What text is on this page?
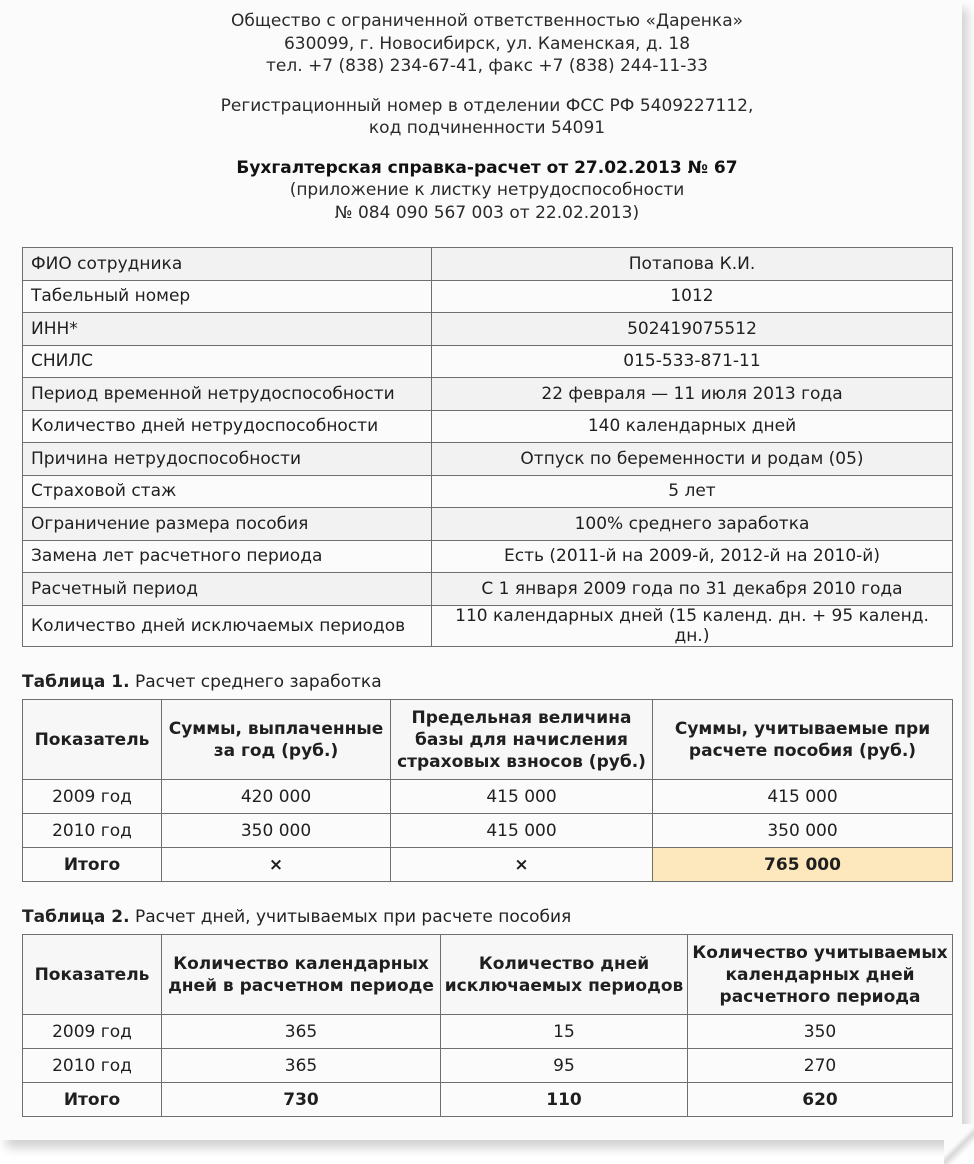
Общество с ограниченной ответственностью «Даренка»
630099, г. Новосибирск, ул. Каменская, д. 18
тел. +7 (838) 234-67-41, факс +7 (838) 244-11-33
Регистрационный номер в отделении ФСС РФ 5409227112,
код подчиненности 54091
Бухгалтерская справка-расчет от 27.02.2013 № 67
(приложение к листку нетрудоспособности
№ 084 090 567 003 от 22.02.2013)
ФИО сотрудника	Потапова К.И.
Табельный номер	1012
ИНН*	502419075512
СНИЛС	015-533-871-11
Период временной нетрудоспособности	22 февраля — 11 июля 2013 года
Количество дней нетрудоспособности	140 календарных дней
Причина нетрудоспособности	Отпуск по беременности и родам (05)
Страховой стаж	5 лет
Ограничение размера пособия	100% среднего заработка
Замена лет расчетного периода	Есть (2011-й на 2009-й, 2012-й на 2010-й)
Расчетный период	С 1 января 2009 года по 31 декабря 2010 года
Количество дней исключаемых периодов	110 календарных дней (15 календ. дн. + 95 календ. дн.)
Таблица 1. Расчет среднего заработка
Показатель	Суммы, выплаченные за год (руб.)	Предельная величина базы для начисления страховых взносов (руб.)	Суммы, учитываемые при расчете пособия (руб.)
2009 год	420 000	415 000	415 000
2010 год	350 000	415 000	350 000
Итого	×	×	765 000
Таблица 2. Расчет дней, учитываемых при расчете пособия
Показатель	Количество календарных дней в расчетном периоде	Количество дней исключаемых периодов	Количество учитываемых календарных дней расчетного периода
2009 год	365	15	350
2010 год	365	95	270
Итого	730	110	620
